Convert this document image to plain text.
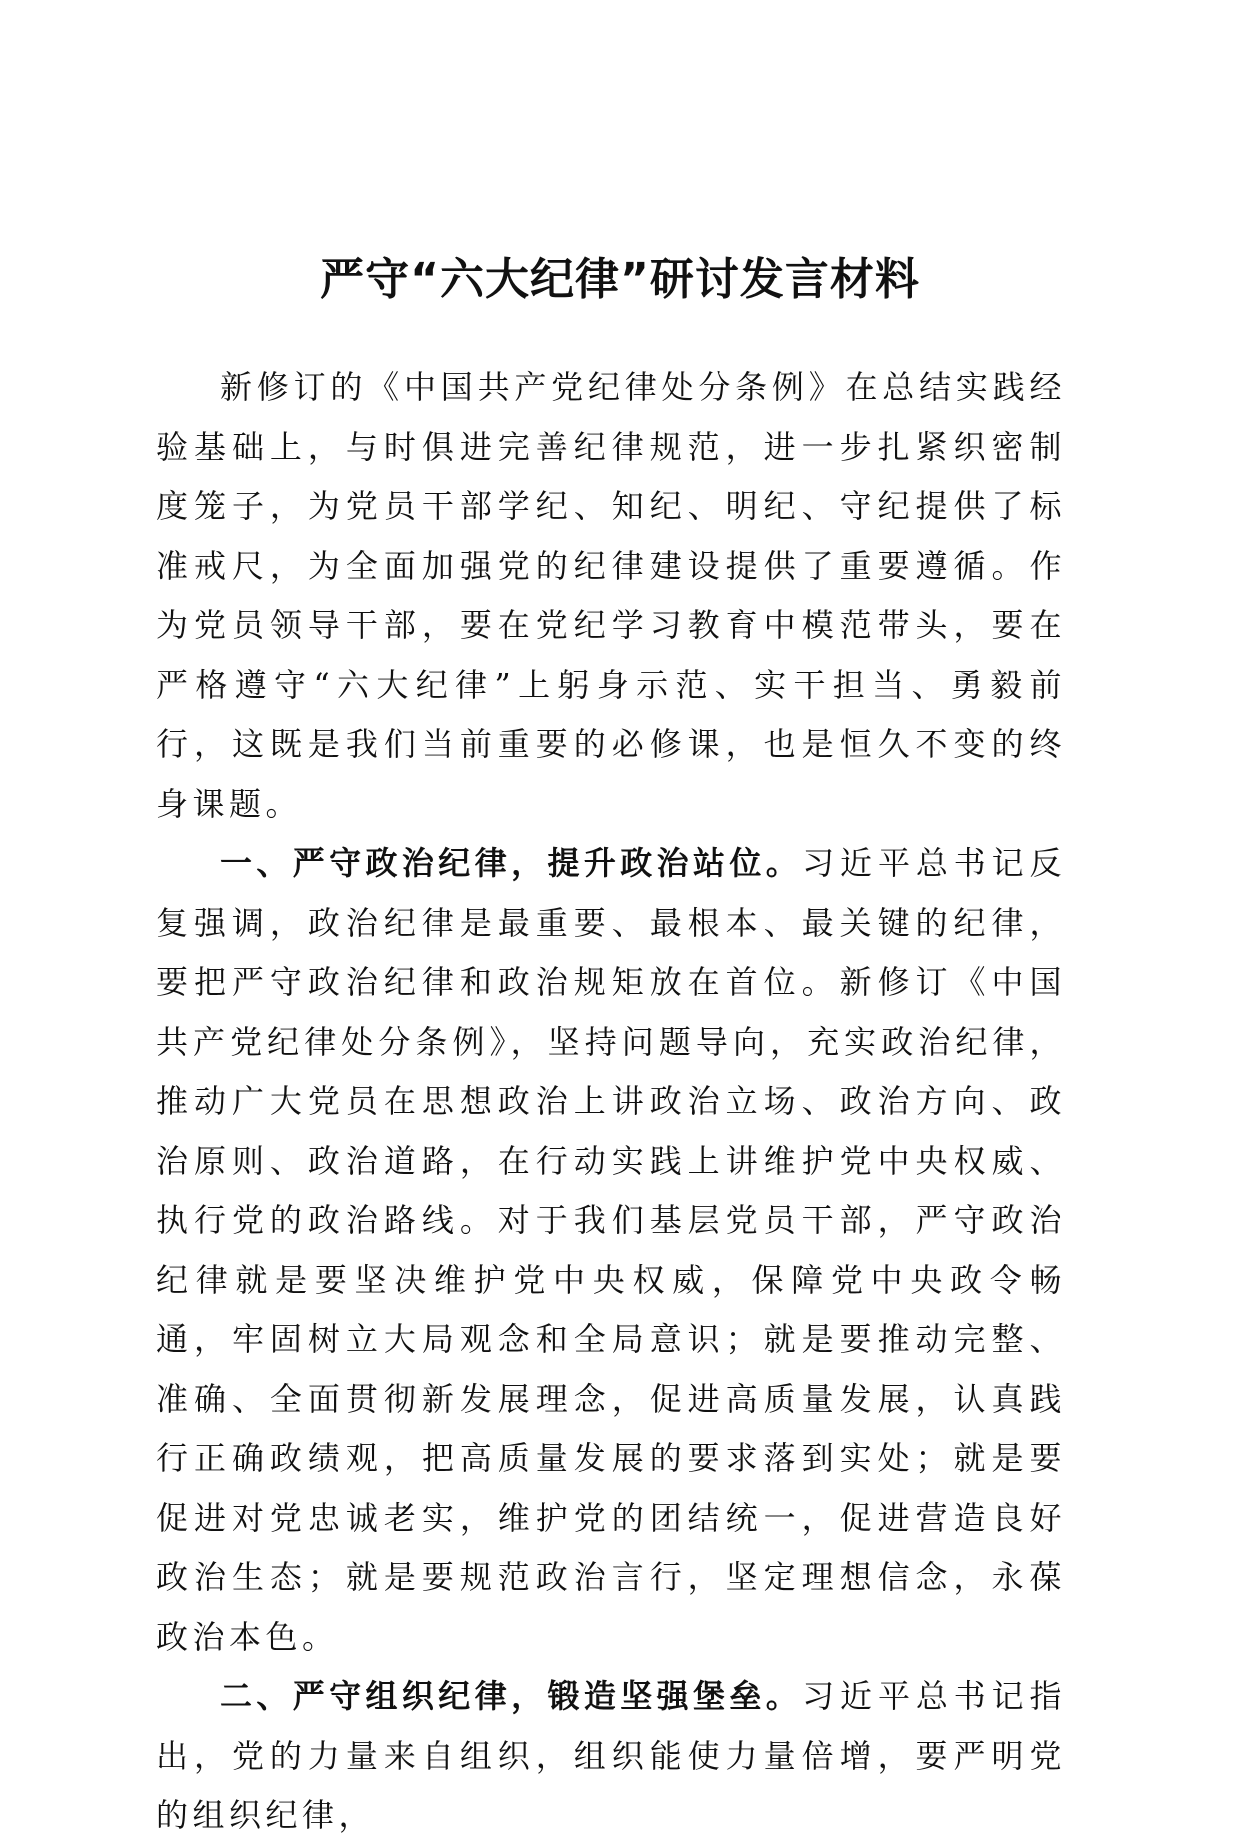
严守“六大纪律”研讨发言材料

新修订的《中国共产党纪律处分条例》在总结实践经验基础上，与时俱进完善纪律规范，进一步扎紧织密制度笼子，为党员干部学纪、知纪、明纪、守纪提供了标准戒尺，为全面加强党的纪律建设提供了重要遵循。作为党员领导干部，要在党纪学习教育中模范带头，要在严格遵守“六大纪律”上躬身示范、实干担当、勇毅前行，这既是我们当前重要的必修课，也是恒久不变的终身课题。

一、严守政治纪律，提升政治站位。习近平总书记反复强调，政治纪律是最重要、最根本、最关键的纪律，要把严守政治纪律和政治规矩放在首位。新修订《中国共产党纪律处分条例》，坚持问题导向，充实政治纪律，推动广大党员在思想政治上讲政治立场、政治方向、政治原则、政治道路，在行动实践上讲维护党中央权威、执行党的政治路线。对于我们基层党员干部，严守政治纪律就是要坚决维护党中央权威，保障党中央政令畅通，牢固树立大局观念和全局意识；就是要推动完整、准确、全面贯彻新发展理念，促进高质量发展，认真践行正确政绩观，把高质量发展的要求落到实处；就是要促进对党忠诚老实，维护党的团结统一，促进营造良好政治生态；就是要规范政治言行，坚定理想信念，永葆政治本色。

二、严守组织纪律，锻造坚强堡垒。习近平总书记指出，党的力量来自组织，组织能使力量倍增，要严明党的组织纪律，
